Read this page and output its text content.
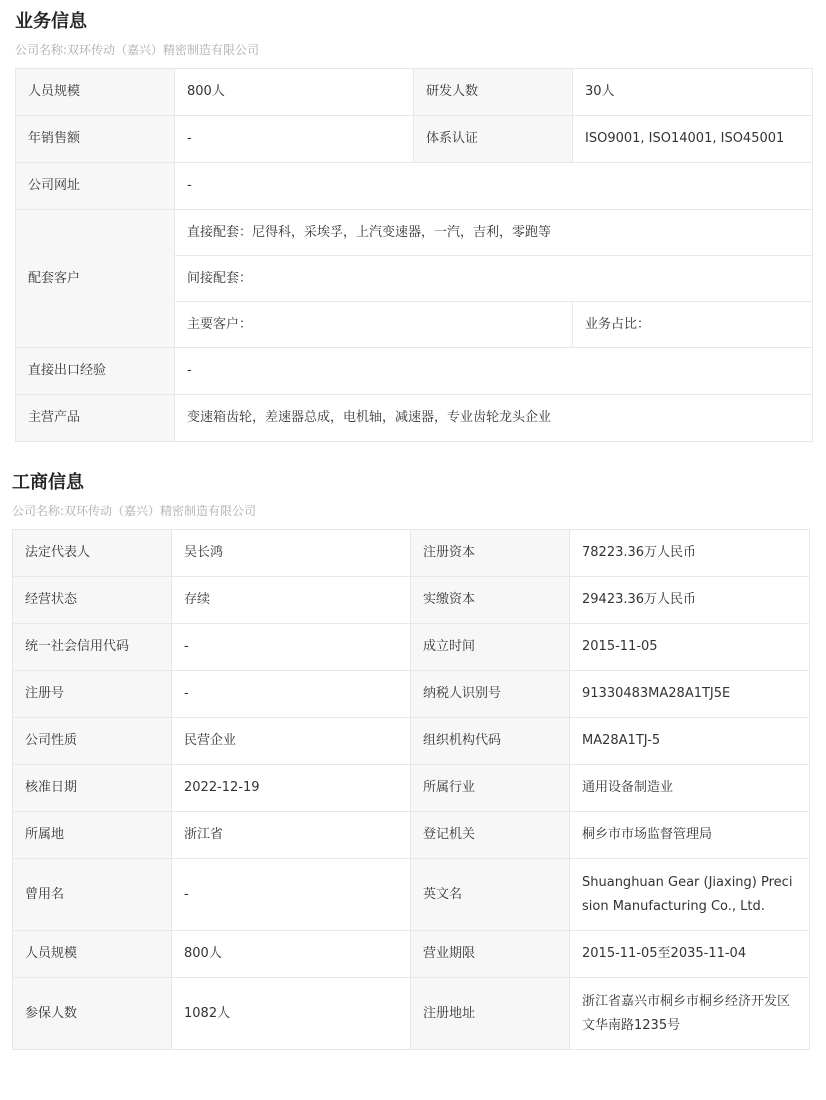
业务信息
公司名称:双环传动（嘉兴）精密制造有限公司
人员规模	800人	研发人数	30人
年销售额	-	体系认证	ISO9001, ISO14001, ISO45001
公司网址	-		
配套客户	直接配套：尼得科，采埃孚，上汽变速器，一汽，吉利，零跑等		
	间接配套：		
	主要客户：		业务占比：
直接出口经验	-		
主营产品	变速箱齿轮，差速器总成，电机轴，减速器，专业齿轮龙头企业		
工商信息
公司名称:双环传动（嘉兴）精密制造有限公司
法定代表人	吴长鸿	注册资本	78223.36万人民币
经营状态	存续	实缴资本	29423.36万人民币
统一社会信用代码	-	成立时间	2015-11-05
注册号	-	纳税人识别号	91330483MA28A1TJ5E
公司性质	民营企业	组织机构代码	MA28A1TJ-5
核准日期	2022-12-19	所属行业	通用设备制造业
所属地	浙江省	登记机关	桐乡市市场监督管理局
曾用名	-	英文名	Shuanghuan Gear (Jiaxing) Precision Manufacturing Co., Ltd.
人员规模	800人	营业期限	2015-11-05至2035-11-04
参保人数	1082人	注册地址	浙江省嘉兴市桐乡市桐乡经济开发区文华南路1235号
